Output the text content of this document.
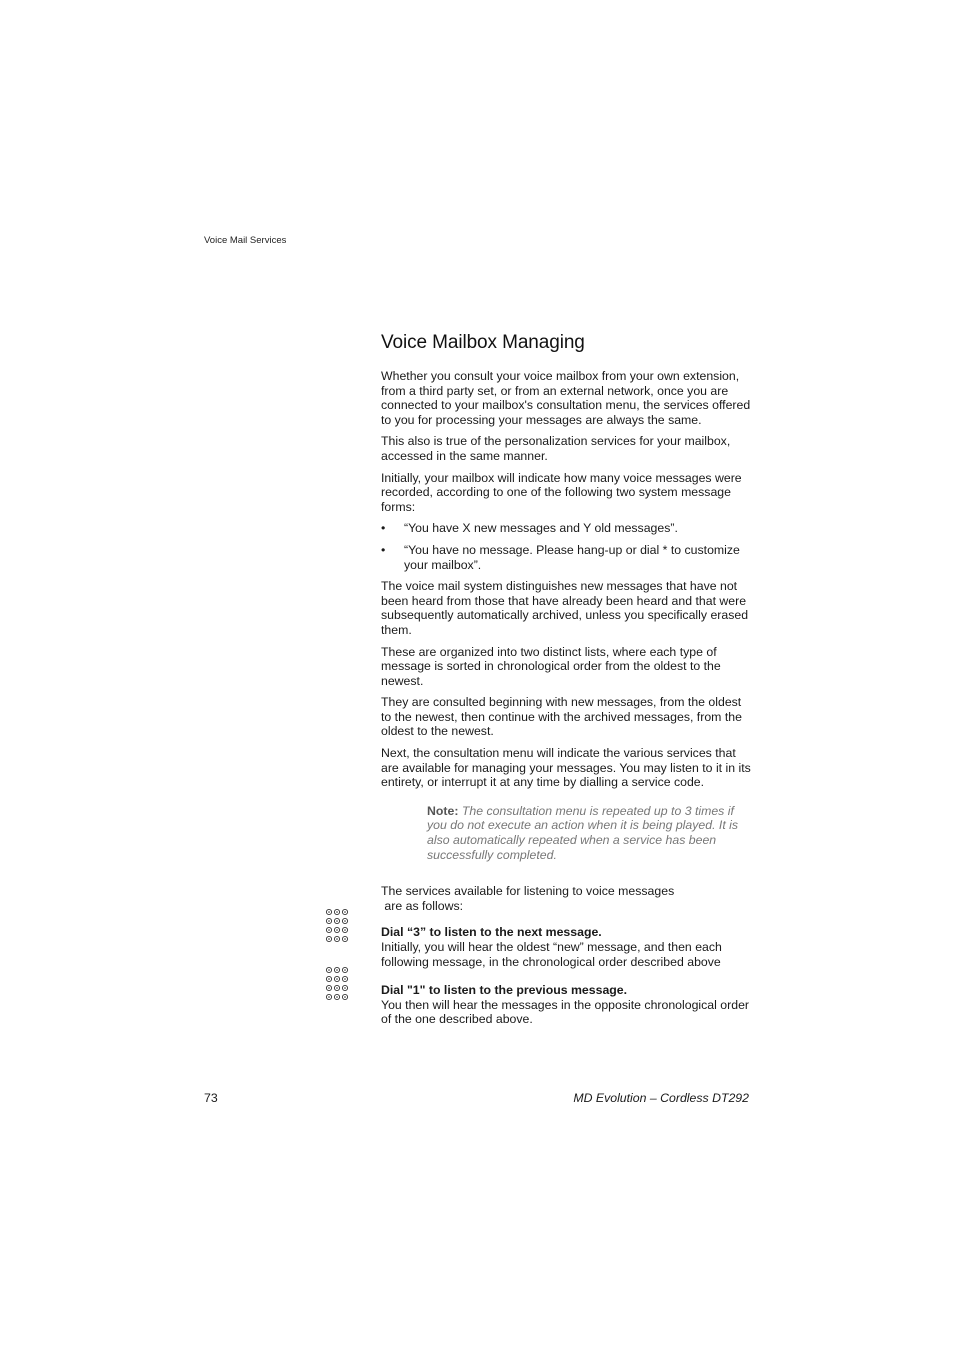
Voice Mail Services
Voice Mailbox Managing

Whether you consult your voice mailbox from your own extension, from a third party set, or from an external network, once you are connected to your mailbox's consultation menu, the services offered to you for processing your messages are always the same.

This also is true of the personalization services for your mailbox, accessed in the same manner.

Initially, your mailbox will indicate how many voice messages were recorded, according to one of the following two system message forms:

• “You have X new messages and Y old messages”.
• “You have no message. Please hang-up or dial * to customize your mailbox”.

The voice mail system distinguishes new messages that have not been heard from those that have already been heard and that were subsequently automatically archived, unless you specifically erased them.

These are organized into two distinct lists, where each type of message is sorted in chronological order from the oldest to the newest.

They are consulted beginning with new messages, from the oldest to the newest, then continue with the archived messages, from the oldest to the newest.

Next, the consultation menu will indicate the various services that are available for managing your messages. You may listen to it in its entirety, or interrupt it at any time by dialling a service code.

Note: The consultation menu is repeated up to 3 times if you do not execute an action when it is being played. It is also automatically repeated when a service has been successfully completed.

The services available for listening to voice messages
are as follows:

Dial “3” to listen to the next message.
Initially, you will hear the oldest “new” message, and then each following message, in the chronological order described above

Dial "1" to listen to the previous message.
You then will hear the messages in the opposite chronological order of the one described above.

73	MD Evolution – Cordless DT292
